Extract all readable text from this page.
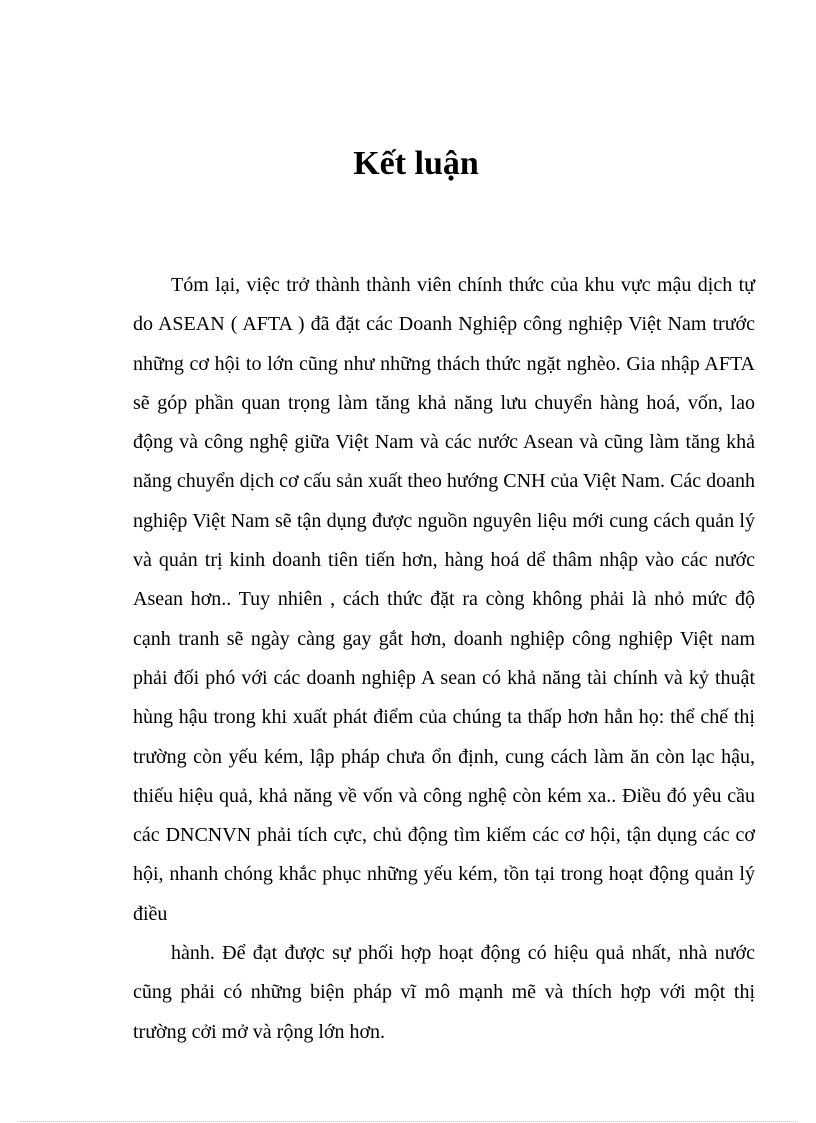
Kết luận

Tóm lại, việc trở thành thành viên chính thức của khu vực mậu dịch tự do ASEAN ( AFTA ) đã đặt các Doanh Nghiệp công nghiệp Việt Nam trước những cơ hội to lớn cũng như những thách thức ngặt nghèo. Gia nhập AFTA sẽ góp phần quan trọng làm tăng khả năng lưu chuyển hàng hoá, vốn, lao động và công nghệ giữa Việt Nam và các nước Asean và cũng làm tăng khả năng chuyển dịch cơ cấu sản xuất theo hướng CNH của Việt Nam. Các doanh nghiệp Việt Nam sẽ tận dụng được nguồn nguyên liệu mới cung cách quản lý và quản trị kinh doanh tiên tiến hơn, hàng hoá dể thâm nhập vào các nước Asean hơn.. Tuy nhiên , cách thức đặt ra còng không phải là nhỏ mức độ cạnh tranh sẽ ngày càng gay gắt hơn, doanh nghiệp công nghiệp Việt nam phải đối phó với các doanh nghiệp A sean có khả năng tài chính và kỷ thuật hùng hậu trong khi xuất phát điểm của chúng ta thấp hơn hẳn họ: thể chế thị trường còn yếu kém, lập pháp chưa ổn định, cung cách làm ăn còn lạc hậu, thiếu hiệu quả, khả năng về vốn và công nghệ còn kém xa.. Điều đó yêu cầu các DNCNVN phải tích cực, chủ động tìm kiếm các cơ hội, tận dụng các cơ hội, nhanh chóng khắc phục những yếu kém, tồn tại trong hoạt động quản lý điều

hành. Để đạt được sự phối hợp hoạt động có hiệu quả nhất, nhà nước cũng phải có những biện pháp vĩ mô mạnh mẽ và thích hợp với một thị trường cởi mở và rộng lớn hơn.
